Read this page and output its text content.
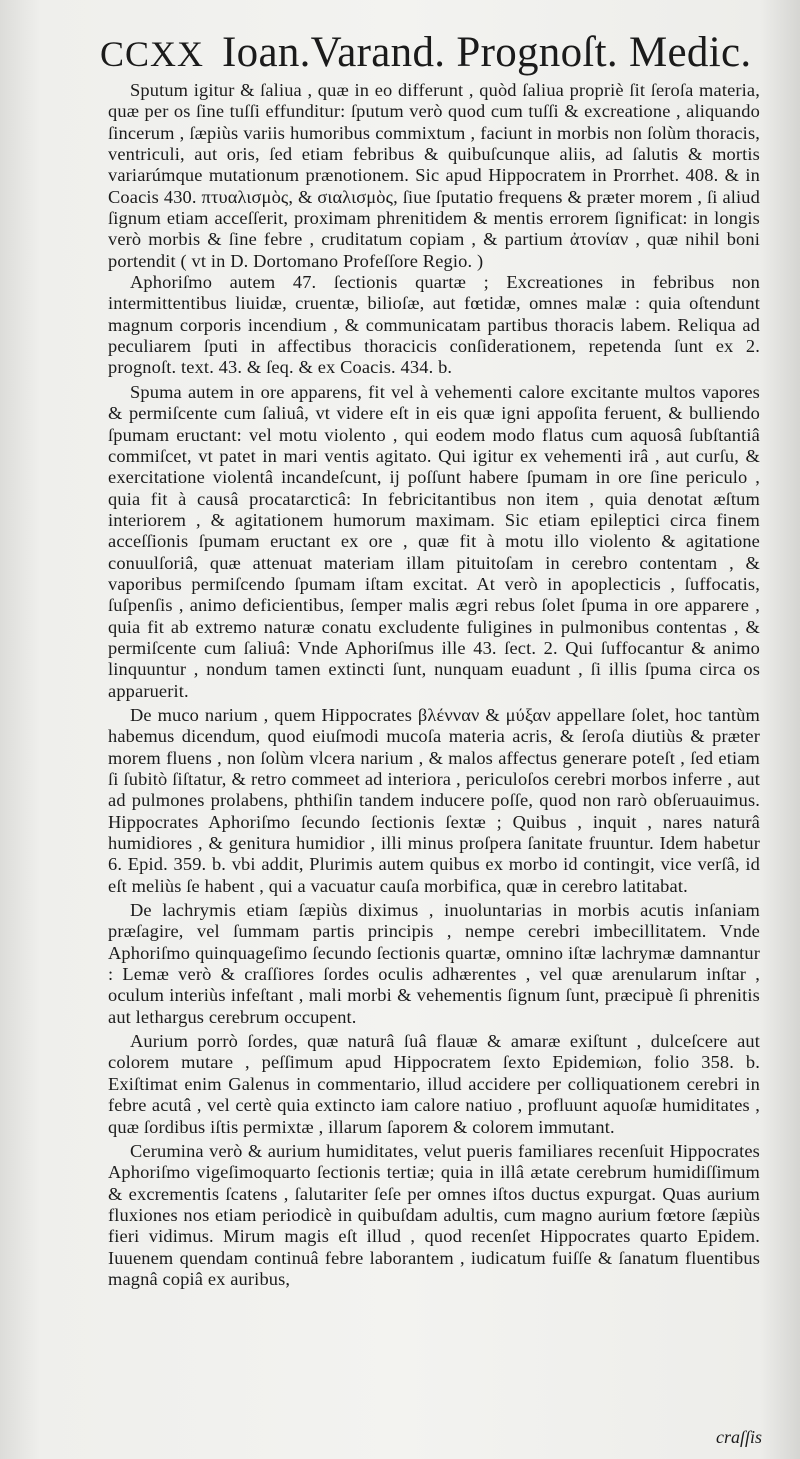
CCXX Ioan.Varand. Prognoſt. Medic.

Sputum igitur & ſaliua , quæ in eo differunt , quòd ſaliua propriè ſit ſeroſa materia, quæ per os ſine tuſſi effunditur: ſputum verò quod cum tuſſi & excreatione , aliquando ſincerum , ſæpiùs variis humoribus commixtum , faciunt in morbis non ſolùm thoracis, ventriculi, aut oris, ſed etiam febribus & quibuſcunque aliis, ad ſalutis & mortis variarúmque mutationum prænotionem. Sic apud Hippocratem in Prorrhet. 408. & in Coacis 430. πτυαλισμὸς, & σιαλισμὸς, ſiue ſputatio frequens & præter morem , ſi aliud ſignum etiam acceſſerit, proximam phrenitidem & mentis errorem ſignificat: in longis verò morbis & ſine febre , cruditatum copiam , & partium ἀτονίαν , quæ nihil boni portendit ( vt in D. Dortomano Profeſſore Regio. )

Aphoriſmo autem 47. ſectionis quartæ ; Excreationes in febribus non intermittentibus liuidæ, cruentæ, bilioſæ, aut fœtidæ, omnes malæ : quia oſtendunt magnum corporis incendium , & communicatam partibus thoracis labem. Reliqua ad peculiarem ſputi in affectibus thoracicis conſiderationem, repetenda ſunt ex 2. prognoſt. text. 43. & ſeq. & ex Coacis. 434. b.

Spuma autem in ore apparens, fit vel à vehementi calore excitante multos vapores & permiſcente cum ſaliuâ, vt videre eſt in eis quæ igni appoſita feruent, & bulliendo ſpumam eructant: vel motu violento , qui eodem modo flatus cum aquosâ ſubſtantiâ commiſcet, vt patet in mari ventis agitato. Qui igitur ex vehementi irâ , aut curſu, & exercitatione violentâ incandeſcunt, ij poſſunt habere ſpumam in ore ſine periculo , quia fit à causâ procatarcticâ: In febricitantibus non item , quia denotat æſtum interiorem , & agitationem humorum maximam. Sic etiam epileptici circa finem acceſſionis ſpumam eructant ex ore , quæ fit à motu illo violento & agitatione conuulſoriâ, quæ attenuat materiam illam pituitoſam in cerebro contentam , & vaporibus permiſcendo ſpumam iſtam excitat. At verò in apoplecticis , ſuffocatis, ſuſpenſis , animo deficientibus, ſemper malis ægri rebus ſolet ſpuma in ore apparere , quia fit ab extremo naturæ conatu excludente fuligines in pulmonibus contentas , & permiſcente cum ſaliuâ: Vnde Aphoriſmus ille 43. ſect. 2. Qui ſuffocantur & animo linquuntur , nondum tamen extincti ſunt, nunquam euadunt , ſi illis ſpuma circa os apparuerit.

De muco narium , quem Hippocrates βλένναν & μύξαν appellare ſolet, hoc tantùm habemus dicendum, quod eiuſmodi mucoſa materia acris, & ſeroſa diutiùs & præter morem fluens , non ſolùm vlcera narium , & malos affectus generare poteſt , ſed etiam ſi ſubitò ſiſtatur, & retro commeet ad interiora , periculoſos cerebri morbos inferre , aut ad pulmones prolabens, phthiſin tandem inducere poſſe, quod non rarò obſeruauimus. Hippocrates Aphoriſmo ſecundo ſectionis ſextæ ; Quibus , inquit , nares naturâ humidiores , & genitura humidior , illi minus proſpera ſanitate fruuntur. Idem habetur 6. Epid. 359. b. vbi addit, Plurimis autem quibus ex morbo id contingit, vice verſâ, id eſt meliùs ſe habent , qui a vacuatur cauſa morbifica, quæ in cerebro latitabat.

De lachrymis etiam ſæpiùs diximus , inuoluntarias in morbis acutis inſaniam præſagire, vel ſummam partis principis , nempe cerebri imbecillitatem. Vnde Aphoriſmo quinquageſimo ſecundo ſectionis quartæ, omnino iſtæ lachrymæ damnantur : Lemæ verò & craſſiores ſordes oculis adhærentes , vel quæ arenularum inſtar , oculum interiùs infeſtant , mali morbi & vehementis ſignum ſunt, præcipuè ſi phrenitis aut lethargus cerebrum occupent.

Aurium porrò ſordes, quæ naturâ ſuâ flauæ & amaræ exiſtunt , dulceſcere aut colorem mutare , peſſimum apud Hippocratem ſexto Epidemiωn, folio 358. b. Exiſtimat enim Galenus in commentario, illud accidere per colliquationem cerebri in febre acutâ , vel certè quia extincto iam calore natiuo , profluunt aquoſæ humiditates , quæ ſordibus iſtis permixtæ , illarum ſaporem & colorem immutant.

Cerumina verò & aurium humiditates, velut pueris familiares recenſuit Hippocrates Aphoriſmo vigeſimoquarto ſectionis tertiæ; quia in illâ ætate cerebrum humidiſſimum & excrementis ſcatens , ſalutariter ſeſe per omnes iſtos ductus expurgat. Quas aurium fluxiones nos etiam periodicè in quibuſdam adultis, cum magno aurium fœtore ſæpiùs fieri vidimus. Mirum magis eſt illud , quod recenſet Hippocrates quarto Epidem. Iuuenem quendam continuâ febre laborantem , iudicatum fuiſſe & ſanatum fluentibus magnâ copiâ ex auribus,

craſſis
